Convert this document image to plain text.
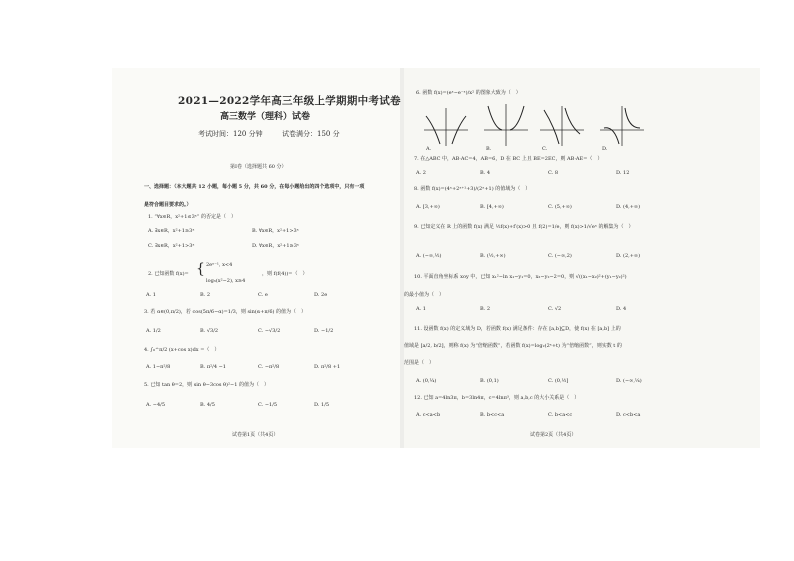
2021—2022学年高三年级上学期期中考试卷
高三数学（理科）试卷
考试时间：120 分钟	试卷满分：150 分
第Ⅰ卷（选择题共 60 分）
一、选择题：（本大题共 12 小题，每小题 5 分，共 60 分，在每小题给出的四个选项中，只有一项
是符合题目要求的。）
1. “∀x∈R，x²+1≤3ˣ” 的否定是（　）
A. ∃x∈R，x²+1≥3ˣ	B. ∀x∈R，x²+1>3ˣ
C. ∃x∈R，x²+1>3ˣ	D. ∀x∈R，x²+1≥3ˣ
2. 已知函数 f(x)= { 2eˣ⁻¹, x<4
log₃(x²−2), x≥4
，则 f(f(4))=（　）
A. 1	B. 2	C. e	D. 2e
3. 若 α∈(0,π/2)，若 cos(5π/6−α)=1/3，则 sin(α+π/6) 的值为（　）
A. 1/2	B. √3/2	C. −√3/2	D. −1/2
4. ∫₀^π/2 (x+cos x)dx =（　）
A. 1−π²/8	B. π²/4 −1	C. −π²/8	D. π²/8 +1
5. 已知 tan θ=2，则 sin θ−3cos θ)²−1 的值为（　）
A. −4/5	B. 4/5	C. −1/5	D. 1/5
试卷第1页（共4页）
6. 函数 f(x)=(eˣ−e⁻ˣ)/x² 的图象大致为（　）
A.	B.	C.	D.
7. 在△ABC 中，AB·AC=4，AB=6，D 在 BC 上且 BE=2EC，则 AB·AE=（　）
A. 2	B. 4	C. 8	D. 12
8. 函数 f(x)=(4ˣ+2ˣ⁺¹+3)/(2ˣ+1) 的值域为（　）
A. [3,+∞)	B. [4,+∞)	C. (5,+∞)	D. (4,+∞)
9. 已知定义在 R 上的函数 f(x) 满足 ½f(x)+f′(x)>0 且 f(2)=1/e，则 f(x)>1/√eˣ 的解集为（　）
A. (−∞,½)	B. (½,+∞)	C. (−∞,2)	D. (2,+∞)
10. 平面直角坐标系 xoy 中，已知 x₁²−ln x₁−y₁=0，x₂−y₂−2=0，则 √((x₁−x₂)²+(y₁−y₂)²)
的最小值为（　）
A. 1	B. 2	C. √2	D. 4
11. 设函数 f(x) 的定义域为 D，若函数 f(x) 满足条件：存在 [a,b]⊆D，使 f(x) 在 [a,b] 上的
值域是 [a/2, b/2]，则称 f(x) 为“倍缩函数”，若函数 f(x)=log₂(2ˣ+t) 为“倍缩函数”，则实数 t 的
范围是（　）
A. (0,¼)	B. (0,1)	C. (0,½]	D. (−∞,¼)
12. 已知 a=4ln3π，b=3ln4π，c=4lnπ³，则 a,b,c 的大小关系是（　）
A. c<a<b	B. b<c<a	C. b<a<c	D. c<b<a
试卷第2页（共4页）
